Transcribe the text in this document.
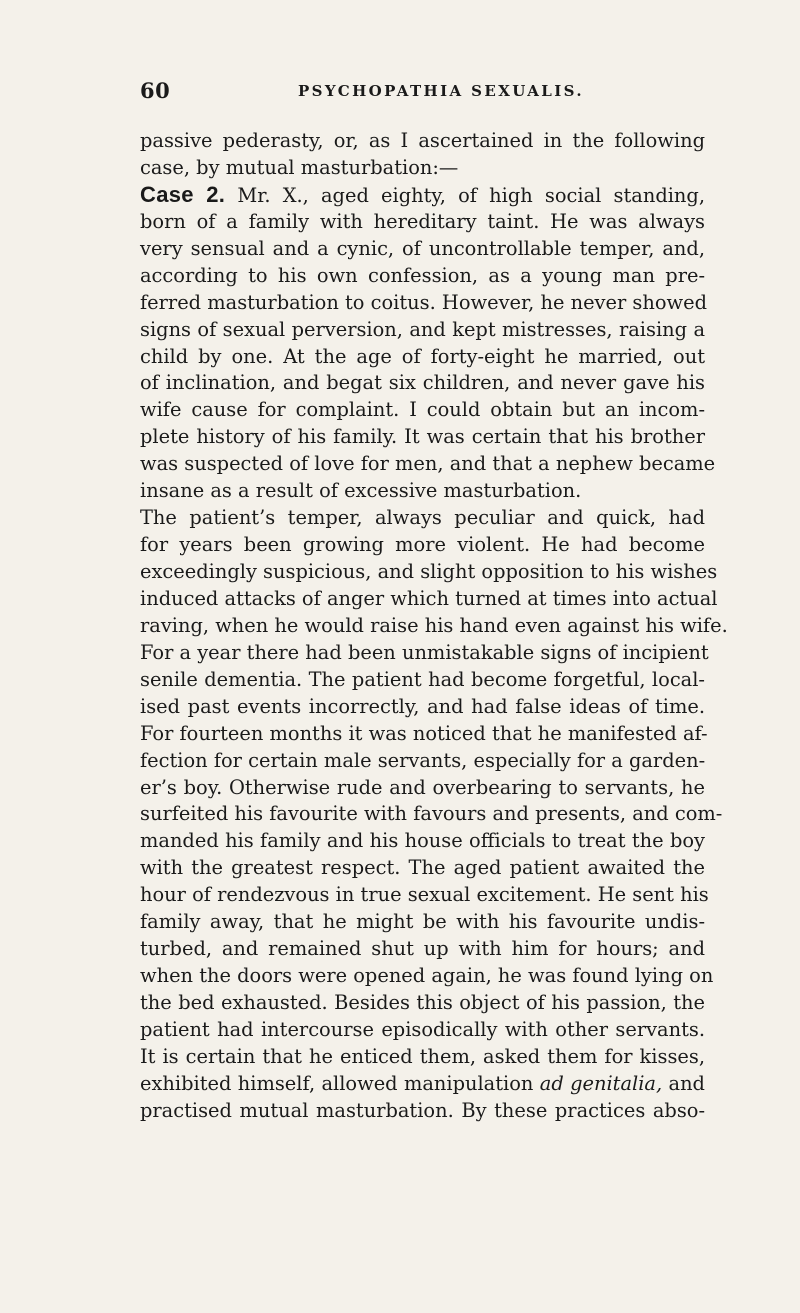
60	PSYCHOPATHIA SEXUALIS.
passive pederasty, or, as I ascertained in the following
case, by mutual masturbation:—
Case 2. Mr. X., aged eighty, of high social standing,
born of a family with hereditary taint. He was always
very sensual and a cynic, of uncontrollable temper, and,
according to his own confession, as a young man pre-
ferred masturbation to coitus. However, he never showed
signs of sexual perversion, and kept mistresses, raising a
child by one. At the age of forty-eight he married, out
of inclination, and begat six children, and never gave his
wife cause for complaint. I could obtain but an incom-
plete history of his family. It was certain that his brother
was suspected of love for men, and that a nephew became
insane as a result of excessive masturbation.
The patient’s temper, always peculiar and quick, had
for years been growing more violent. He had become
exceedingly suspicious, and slight opposition to his wishes
induced attacks of anger which turned at times into actual
raving, when he would raise his hand even against his wife.
For a year there had been unmistakable signs of incipient
senile dementia. The patient had become forgetful, local-
ised past events incorrectly, and had false ideas of time.
For fourteen months it was noticed that he manifested af-
fection for certain male servants, especially for a garden-
er’s boy. Otherwise rude and overbearing to servants, he
surfeited his favourite with favours and presents, and com-
manded his family and his house officials to treat the boy
with the greatest respect. The aged patient awaited the
hour of rendezvous in true sexual excitement. He sent his
family away, that he might be with his favourite undis-
turbed, and remained shut up with him for hours; and
when the doors were opened again, he was found lying on
the bed exhausted. Besides this object of his passion, the
patient had intercourse episodically with other servants.
It is certain that he enticed them, asked them for kisses,
exhibited himself, allowed manipulation ad genitalia, and
practised mutual masturbation. By these practices abso-
